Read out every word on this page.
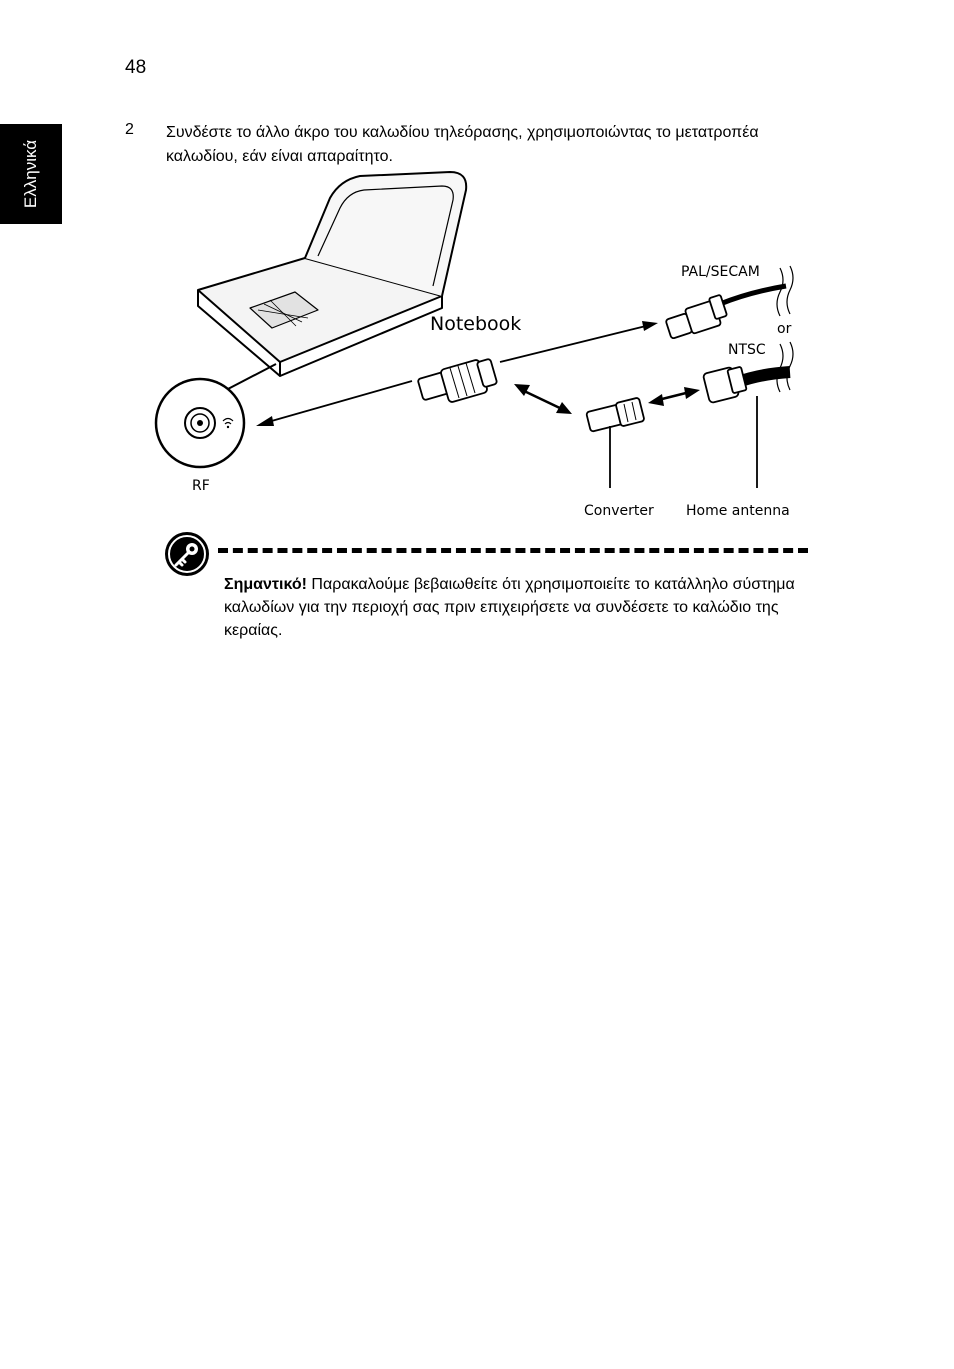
48
Ελληνικά
2 Συνδέστε το άλλο άκρο του καλωδίου τηλεόρασης, χρησιμοποιώντας το μετατροπέα καλωδίου, εάν είναι απαραίτητο.

Notebook
PAL/SECAM
or
NTSC
RF
Converter Home antenna

Σημαντικό! Παρακαλούμε βεβαιωθείτε ότι χρησιμοποιείτε το κατάλληλο σύστημα καλωδίων για την περιοχή σας πριν επιχειρήσετε να συνδέσετε το καλώδιο της κεραίας.
